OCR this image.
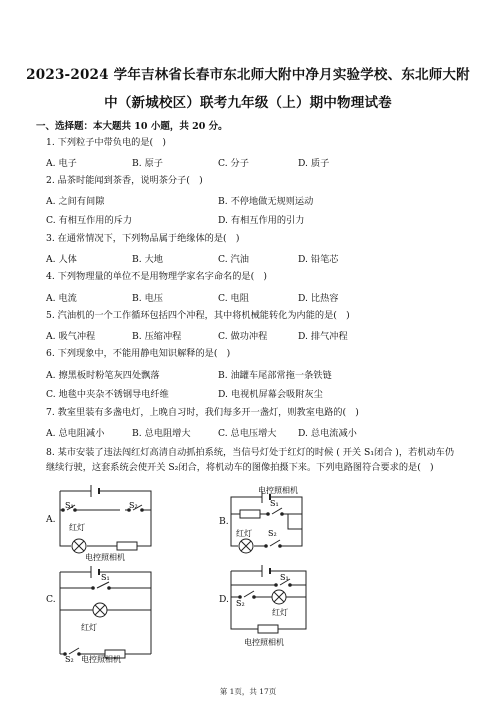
2023-2024 学年吉林省长春市东北师大附中净月实验学校、东北师大附
中（新城校区）联考九年级（上）期中物理试卷
一、选择题：本大题共 10 小题，共 20 分。
1. 下列粒子中带负电的是(　)
A. 电子	B. 原子	C. 分子	D. 质子
2. 品茶时能闻到茶香，说明茶分子(　)
A. 之间有间隙	B. 不停地做无规则运动
C. 有相互作用的斥力	D. 有相互作用的引力
3. 在通常情况下，下列物品属于绝缘体的是(　)
A. 人体	B. 大地	C. 汽油	D. 铅笔芯
4. 下列物理量的单位不是用物理学家名字命名的是(　)
A. 电流	B. 电压	C. 电阻	D. 比热容
5. 汽油机的一个工作循环包括四个冲程，其中将机械能转化为内能的是(　)
A. 吸气冲程	B. 压缩冲程	C. 做功冲程	D. 排气冲程
6. 下列现象中，不能用静电知识解释的是(　)
A. 擦黑板时粉笔灰四处飘落	B. 油罐车尾部常拖一条铁链
C. 地毯中夹杂不锈钢导电纤维	D. 电视机屏幕会吸附灰尘
7. 教室里装有多盏电灯，上晚自习时，我们每多开一盏灯，则教室电路的(　)
A. 总电阻减小	B. 总电阻增大	C. 总电压增大 D. 总电流减小
8. 某市安装了违法闯红灯高清自动抓拍系统，当信号灯处于红灯的时候 ( 开关 S₁闭合 )，若机动车仍继续行驶，这套系统会使开关 S₂闭合，将机动车的图像拍摄下来。下列电路图符合要求的是(　)
A.
S₁	S₂
红灯
电控照相机
B.
电控照相机
S₁
红灯 S₂
C.
S₁
红灯
S₂ 电控照相机
D.
S₁
S₂
红灯
电控照相机
第 1页，共 17页
